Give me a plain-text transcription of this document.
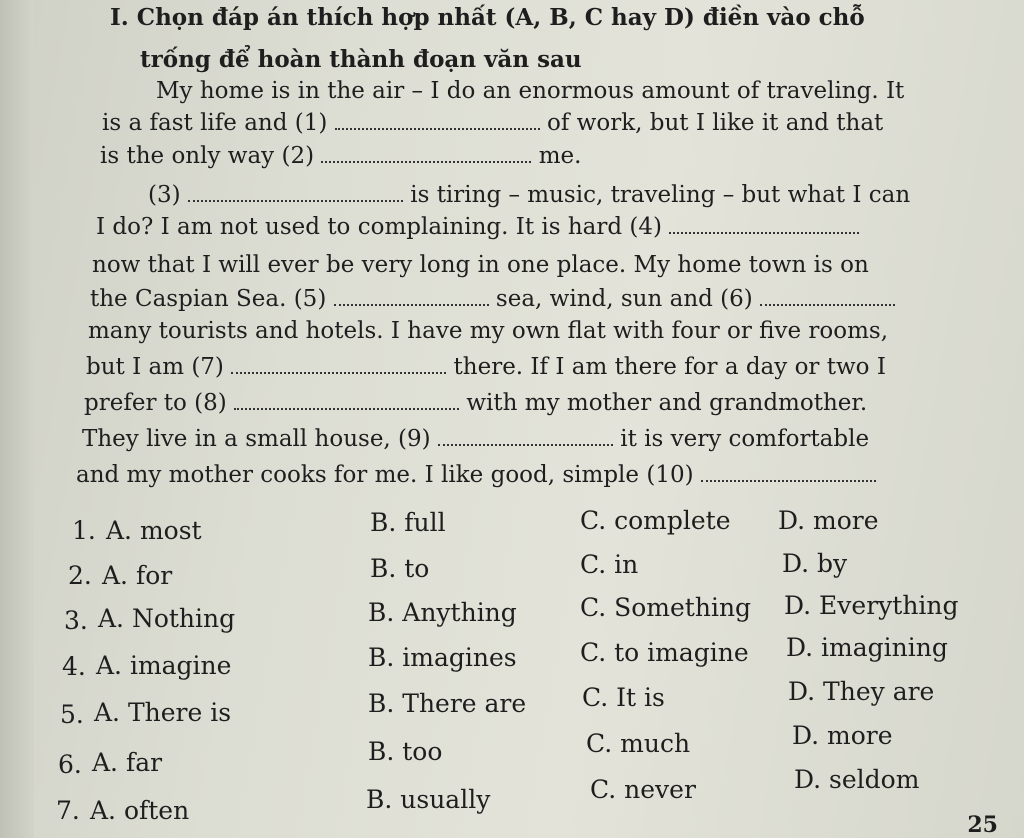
I. Chọn đáp án thích hợp nhất (A, B, C hay D) điền vào chỗ
trống để hoàn thành đoạn văn sau
My home is in the air – I do an enormous amount of traveling. It
is a fast life and (1)	of work, but I like it and that
is the only way (2)	me.
(3)	is tiring – music, traveling – but what I can
I do? I am not used to complaining. It is hard (4)
now that I will ever be very long in one place. My home town is on
the Caspian Sea. (5)	sea, wind, sun and (6)
many tourists and hotels. I have my own flat with four or five rooms,
but I am (7)	there. If I am there for a day or two I
prefer to (8)	with my mother and grandmother.
They live in a small house, (9)	it is very comfortable
and my mother cooks for me. I like good, simple (10)
1. A. most	B. full	C. complete D. more
2. A. for	B. to	C. in	D. by
3. A. Nothing	B. Anything	C. Something D. Everything
4. A. imagine	B. imagines	C. to imagine D. imagining
5. A. There is	B. There are C. It is	D. They are
6. A. far	B. too	C. much	D. more
7. A. often	B. usually	C. never	D. seldom
25
